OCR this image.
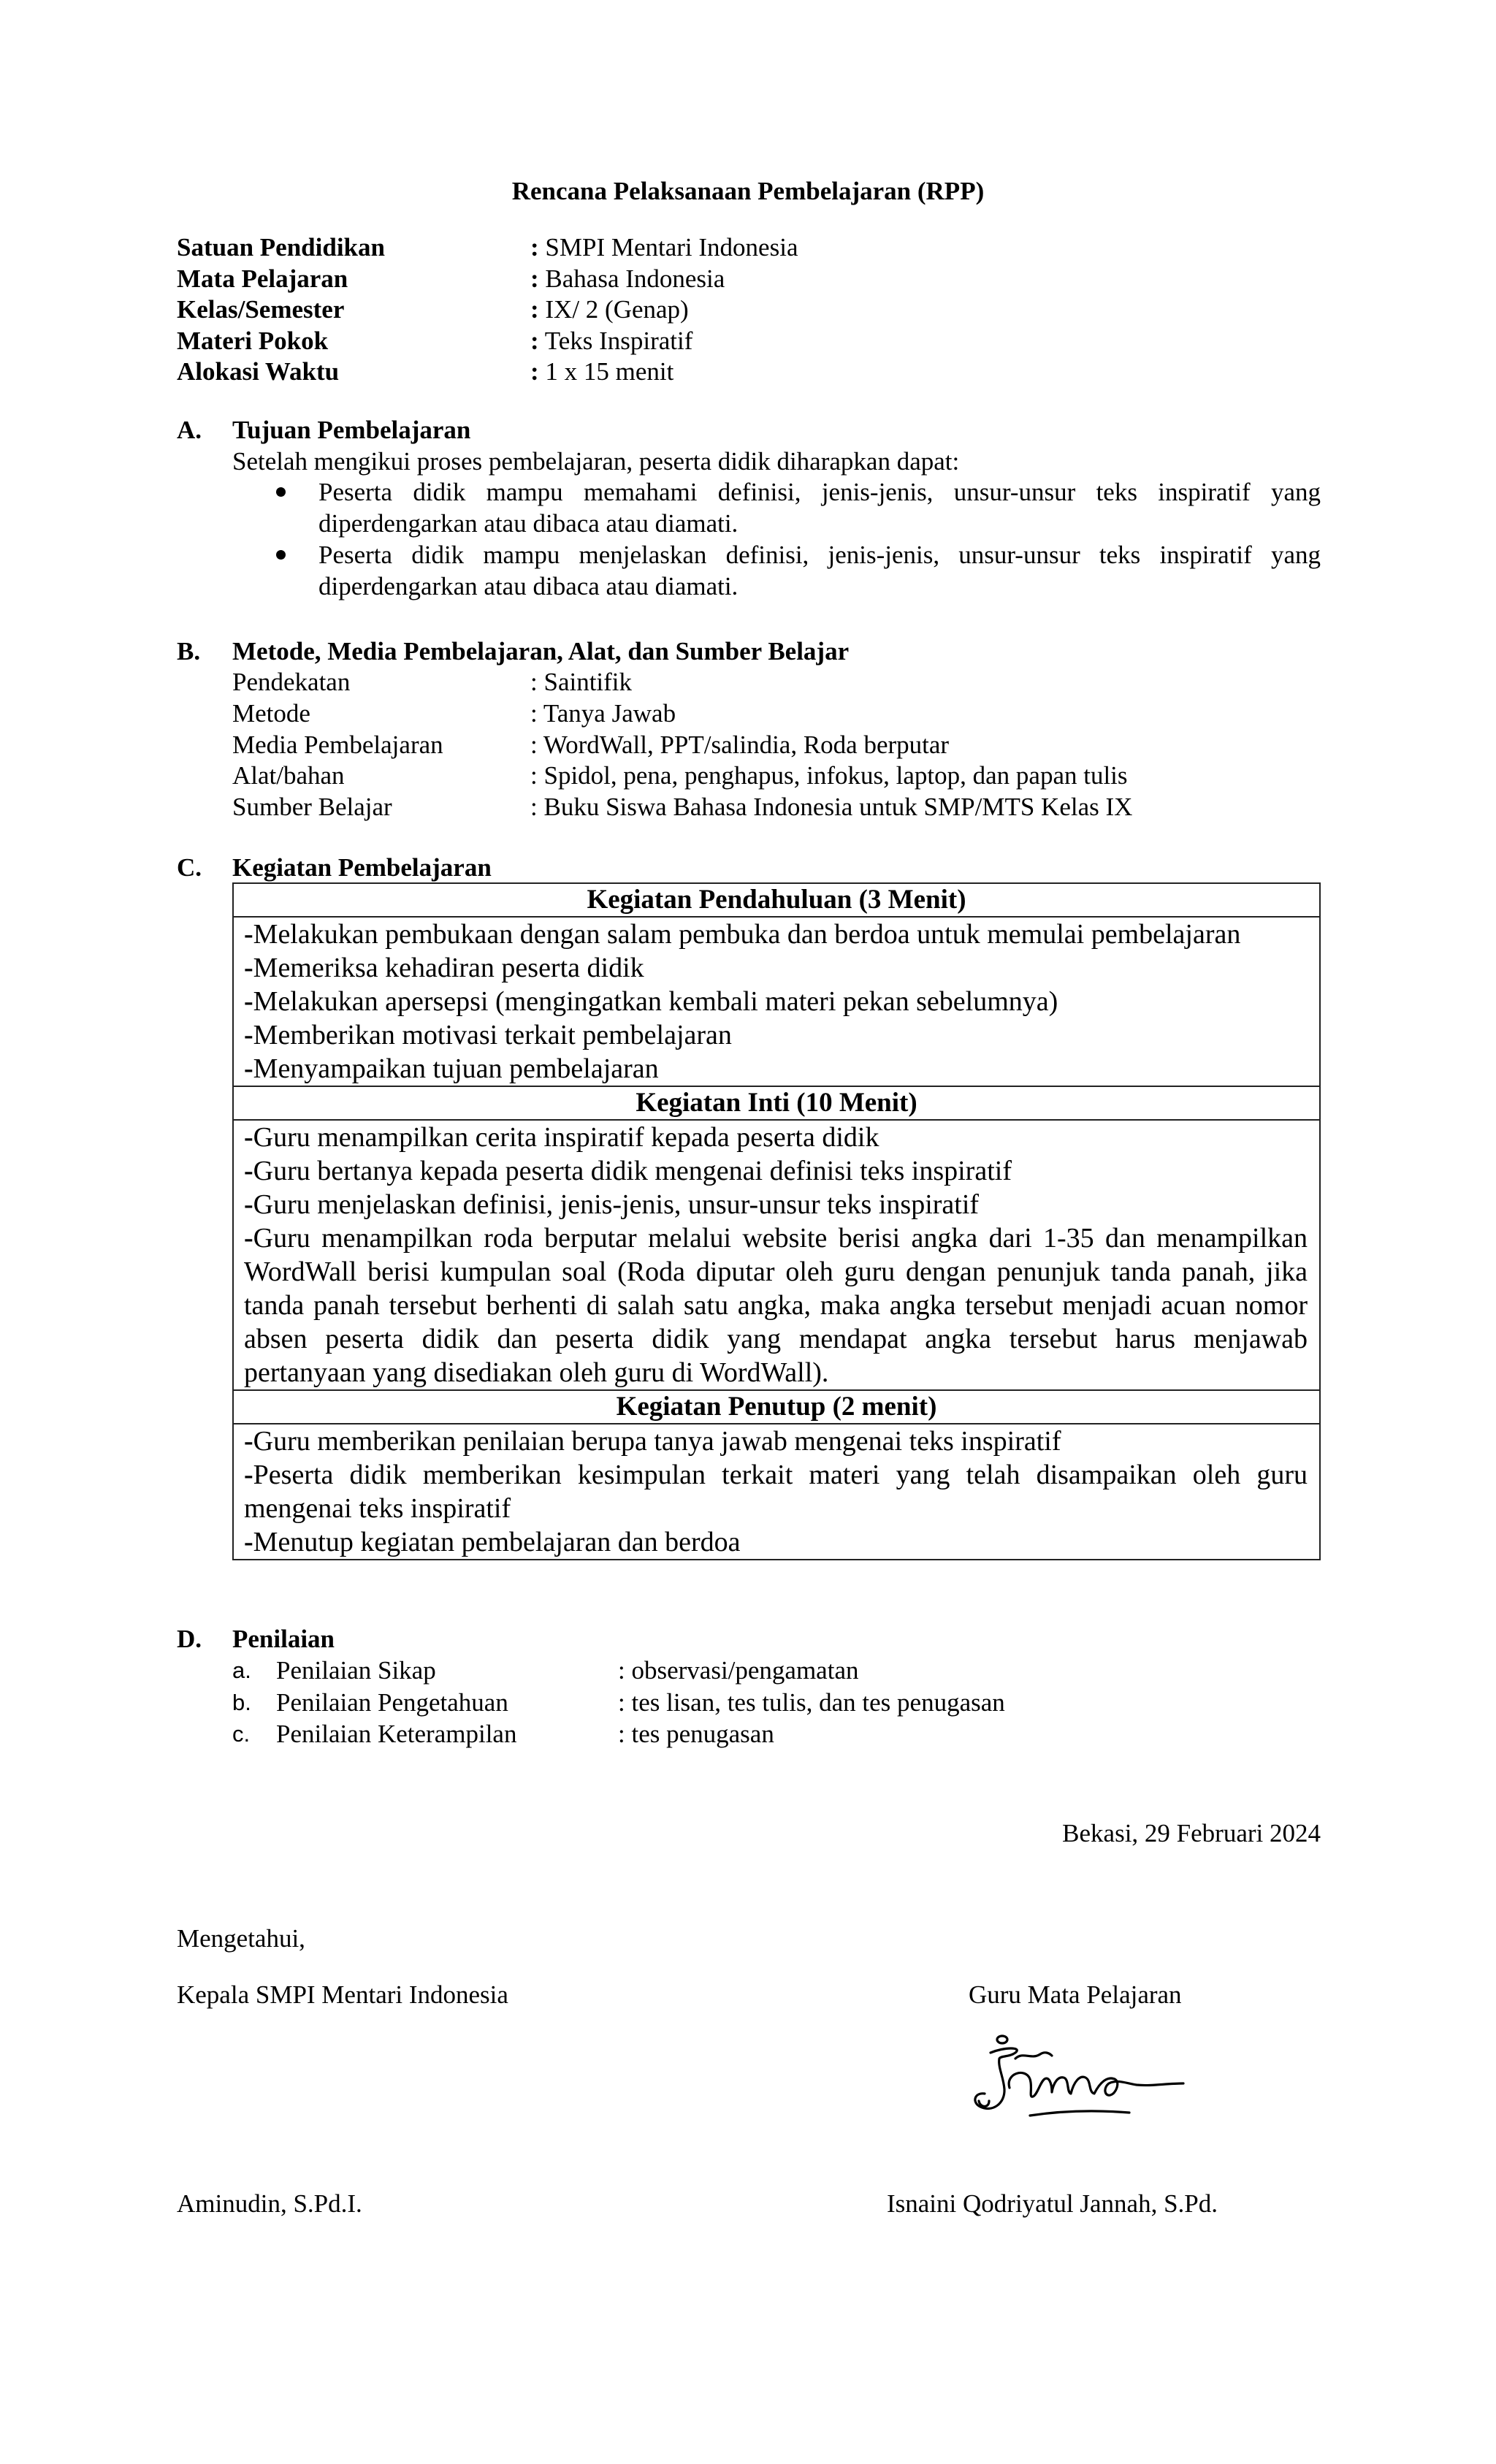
Rencana Pelaksanaan Pembelajaran (RPP)
Satuan Pendidikan	: SMPI Mentari Indonesia
Mata Pelajaran	: Bahasa Indonesia
Kelas/Semester	: IX/ 2 (Genap)
Materi Pokok	: Teks Inspiratif
Alokasi Waktu	: 1 x 15 menit
A. Tujuan Pembelajaran
Setelah mengikui proses pembelajaran, peserta didik diharapkan dapat:
Peserta didik mampu memahami definisi, jenis-jenis, unsur-unsur teks inspiratif yang diperdengarkan atau dibaca atau diamati.
Peserta didik mampu menjelaskan definisi, jenis-jenis, unsur-unsur teks inspiratif yang diperdengarkan atau dibaca atau diamati.
B. Metode, Media Pembelajaran, Alat, dan Sumber Belajar
Pendekatan	: Saintifik
Metode	: Tanya Jawab
Media Pembelajaran	: WordWall, PPT/salindia, Roda berputar
Alat/bahan	: Spidol, pena, penghapus, infokus, laptop, dan papan tulis
Sumber Belajar	: Buku Siswa Bahasa Indonesia untuk SMP/MTS Kelas IX
C. Kegiatan Pembelajaran
Kegiatan Pendahuluan (3 Menit)
-Melakukan pembukaan dengan salam pembuka dan berdoa untuk memulai pembelajaran
-Memeriksa kehadiran peserta didik
-Melakukan apersepsi (mengingatkan kembali materi pekan sebelumnya)
-Memberikan motivasi terkait pembelajaran
-Menyampaikan tujuan pembelajaran
Kegiatan Inti (10 Menit)
-Guru menampilkan cerita inspiratif kepada peserta didik
-Guru bertanya kepada peserta didik mengenai definisi teks inspiratif
-Guru menjelaskan definisi, jenis-jenis, unsur-unsur teks inspiratif
-Guru menampilkan roda berputar melalui website berisi angka dari 1-35 dan menampilkan WordWall berisi kumpulan soal (Roda diputar oleh guru dengan penunjuk tanda panah, jika tanda panah tersebut berhenti di salah satu angka, maka angka tersebut menjadi acuan nomor absen peserta didik dan peserta didik yang mendapat angka tersebut harus menjawab pertanyaan yang disediakan oleh guru di WordWall).
Kegiatan Penutup (2 menit)
-Guru memberikan penilaian berupa tanya jawab mengenai teks inspiratif
-Peserta didik memberikan kesimpulan terkait materi yang telah disampaikan oleh guru mengenai teks inspiratif
-Menutup kegiatan pembelajaran dan berdoa
D. Penilaian
a. Penilaian Sikap	: observasi/pengamatan
b. Penilaian Pengetahuan	: tes lisan, tes tulis, dan tes penugasan
c. Penilaian Keterampilan	: tes penugasan
Bekasi, 29 Februari 2024
Mengetahui,
Kepala SMPI Mentari Indonesia	Guru Mata Pelajaran
Aminudin, S.Pd.I.	Isnaini Qodriyatul Jannah, S.Pd.
